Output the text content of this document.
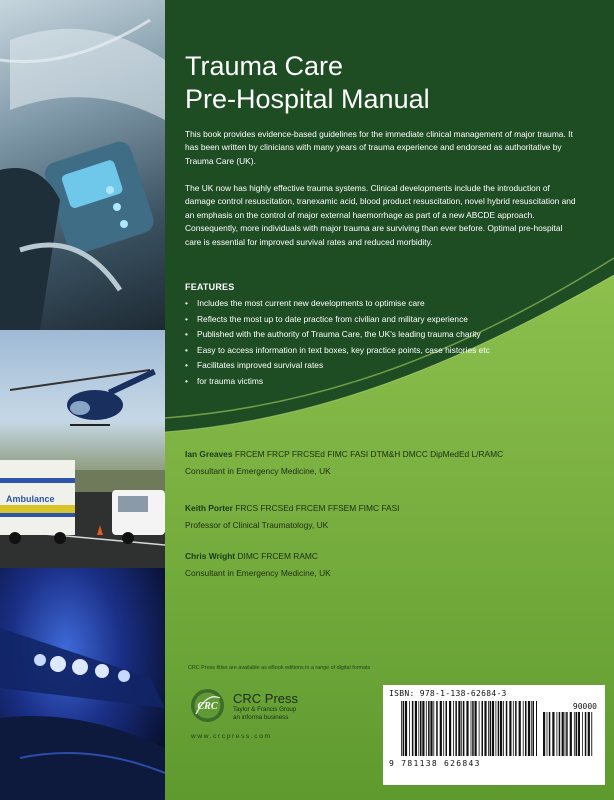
Ambulance
Trauma Care
Pre-Hospital Manual

This book provides evidence-based guidelines for the immediate clinical management of major trauma. It has been written by clinicians with many years of trauma experience and endorsed as authoritative by Trauma Care (UK).

The UK now has highly effective trauma systems. Clinical developments include the introduction of damage control resuscitation, tranexamic acid, blood product resuscitation, novel hybrid resuscitation and an emphasis on the control of major external haemorrhage as part of a new ABCDE approach. Consequently, more individuals with major trauma are surviving than ever before. Optimal pre-hospital care is essential for improved survival rates and reduced morbidity.

FEATURES
• Includes the most current new developments to optimise care
• Reflects the most up to date practice from civilian and military experience
• Published with the authority of Trauma Care, the UK's leading trauma charity
• Easy to access information in text boxes, key practice points, case histories etc
• Facilitates improved survival rates
• for trauma victims
Ian Greaves FRCEM FRCP FRCSEd FIMC FASI DTM&H DMCC DipMedEd L/RAMC
Consultant in Emergency Medicine, UK
Keith Porter FRCS FRCSEd FRCEM FFSEM FIMC FASI
Professor of Clinical Traumatology, UK
Chris Wright DIMC FRCEM RAMC
Consultant in Emergency Medicine, UK
CRC Press titles are available as eBook editions in a range of digital formats
CRC
CRC Press
Taylor & Francis Group
an informa business
www.crcpress.com
ISBN: 978-1-138-62684-3
90000
9 781138 626843
